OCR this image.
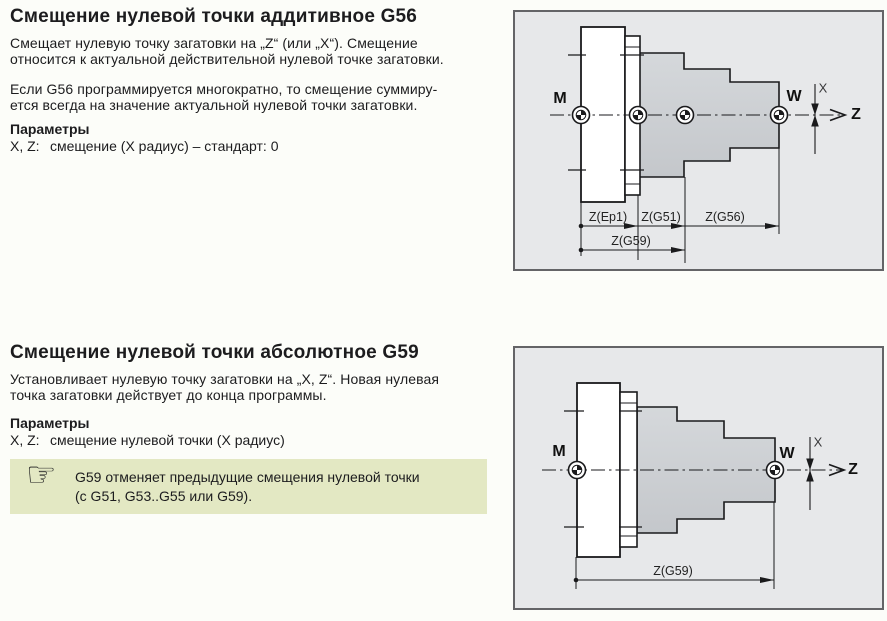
Смещение нулевой точки аддитивное G56
Смещает нулевую точку загатовки на „Z“ (или „X“). Смещение
относится к актуальной действительной нулевой точке загатовки.
Если G56 программируется многократно, то смещение суммиру-
ется всегда на значение актуальной нулевой точки загатовки.
Параметры
X, Z: смещение (X радиус) – стандарт: 0
M	W X
Z
Z(Ep1) Z(G51) Z(G56)
Z(G59)
Смещение нулевой точки абсолютное G59
Установливает нулевую точку загатовки на „X, Z“. Новая нулевая
точка загатовки действует до конца программы.
Параметры
X, Z: смещение нулевой точки (X радиус)
☞ G59 отменяет предыдущие смещения нулевой точки
(с G51, G53..G55 или G59).
M	W
X
Z
Z(G59)
